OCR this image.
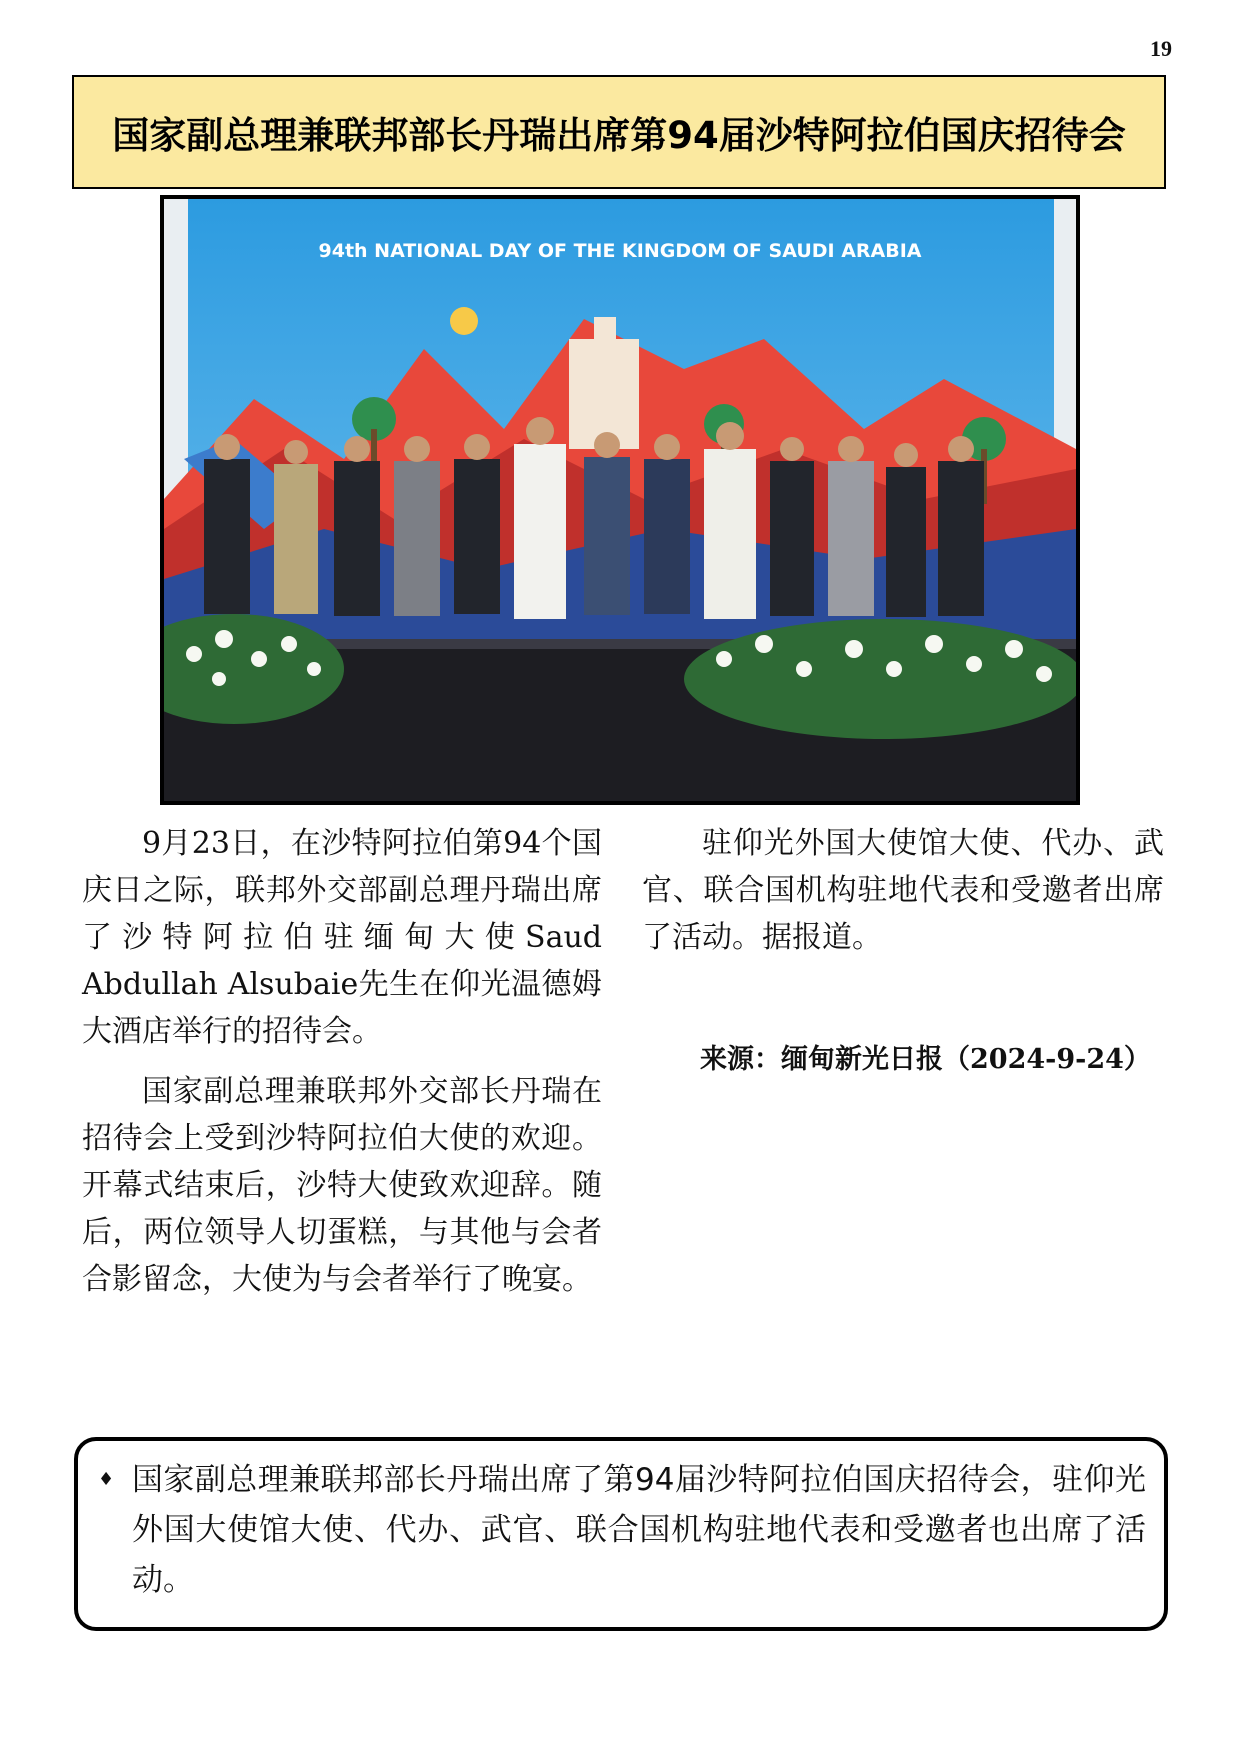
19
国家副总理兼联邦部长丹瑞出席第94届沙特阿拉伯国庆招待会
94th NATIONAL DAY OF THE KINGDOM OF SAUDI ARABIA

9月23日，在沙特阿拉伯第94个国庆日之际，联邦外交部副总理丹瑞出席了沙特阿拉伯驻缅甸大使Saud Abdullah Alsubaie先生在仰光温德姆大酒店举行的招待会。

国家副总理兼联邦外交部长丹瑞在招待会上受到沙特阿拉伯大使的欢迎。开幕式结束后，沙特大使致欢迎辞。随后，两位领导人切蛋糕，与其他与会者合影留念，大使为与会者举行了晚宴。

驻仰光外国大使馆大使、代办、武官、联合国机构驻地代表和受邀者出席了活动。据报道。

来源：缅甸新光日报（2024-9-24）
♦ 国家副总理兼联邦部长丹瑞出席了第94届沙特阿拉伯国庆招待会，驻仰光外国大使馆大使、代办、武官、联合国机构驻地代表和受邀者也出席了活动。
